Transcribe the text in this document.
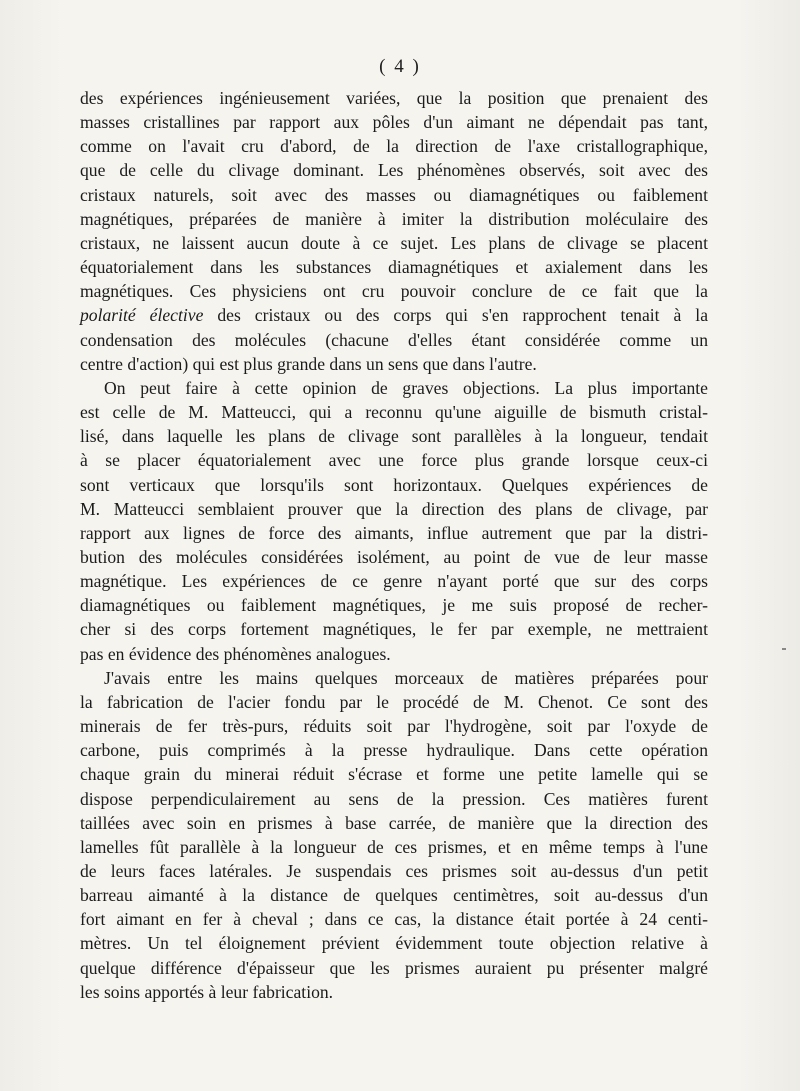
( 4 )
des expériences ingénieusement variées, que la position que prenaient des
masses cristallines par rapport aux pôles d'un aimant ne dépendait pas tant,
comme on l'avait cru d'abord, de la direction de l'axe cristallographique,
que de celle du clivage dominant. Les phénomènes observés, soit avec des
cristaux naturels, soit avec des masses ou diamagnétiques ou faiblement
magnétiques, préparées de manière à imiter la distribution moléculaire des
cristaux, ne laissent aucun doute à ce sujet. Les plans de clivage se placent
équatorialement dans les substances diamagnétiques et axialement dans les
magnétiques. Ces physiciens ont cru pouvoir conclure de ce fait que la
polarité élective des cristaux ou des corps qui s'en rapprochent tenait à la
condensation des molécules (chacune d'elles étant considérée comme un
centre d'action) qui est plus grande dans un sens que dans l'autre.
On peut faire à cette opinion de graves objections. La plus importante
est celle de M. Matteucci, qui a reconnu qu'une aiguille de bismuth cristal-
lisé, dans laquelle les plans de clivage sont parallèles à la longueur, tendait
à se placer équatorialement avec une force plus grande lorsque ceux-ci
sont verticaux que lorsqu'ils sont horizontaux. Quelques expériences de
M. Matteucci semblaient prouver que la direction des plans de clivage, par
rapport aux lignes de force des aimants, influe autrement que par la distri-
bution des molécules considérées isolément, au point de vue de leur masse
magnétique. Les expériences de ce genre n'ayant porté que sur des corps
diamagnétiques ou faiblement magnétiques, je me suis proposé de recher-
cher si des corps fortement magnétiques, le fer par exemple, ne mettraient
pas en évidence des phénomènes analogues.
J'avais entre les mains quelques morceaux de matières préparées pour
la fabrication de l'acier fondu par le procédé de M. Chenot. Ce sont des
minerais de fer très-purs, réduits soit par l'hydrogène, soit par l'oxyde de
carbone, puis comprimés à la presse hydraulique. Dans cette opération
chaque grain du minerai réduit s'écrase et forme une petite lamelle qui se
dispose perpendiculairement au sens de la pression. Ces matières furent
taillées avec soin en prismes à base carrée, de manière que la direction des
lamelles fût parallèle à la longueur de ces prismes, et en même temps à l'une
de leurs faces latérales. Je suspendais ces prismes soit au-dessus d'un petit
barreau aimanté à la distance de quelques centimètres, soit au-dessus d'un
fort aimant en fer à cheval ; dans ce cas, la distance était portée à 24 centi-
mètres. Un tel éloignement prévient évidemment toute objection relative à
quelque différence d'épaisseur que les prismes auraient pu présenter malgré
les soins apportés à leur fabrication.
